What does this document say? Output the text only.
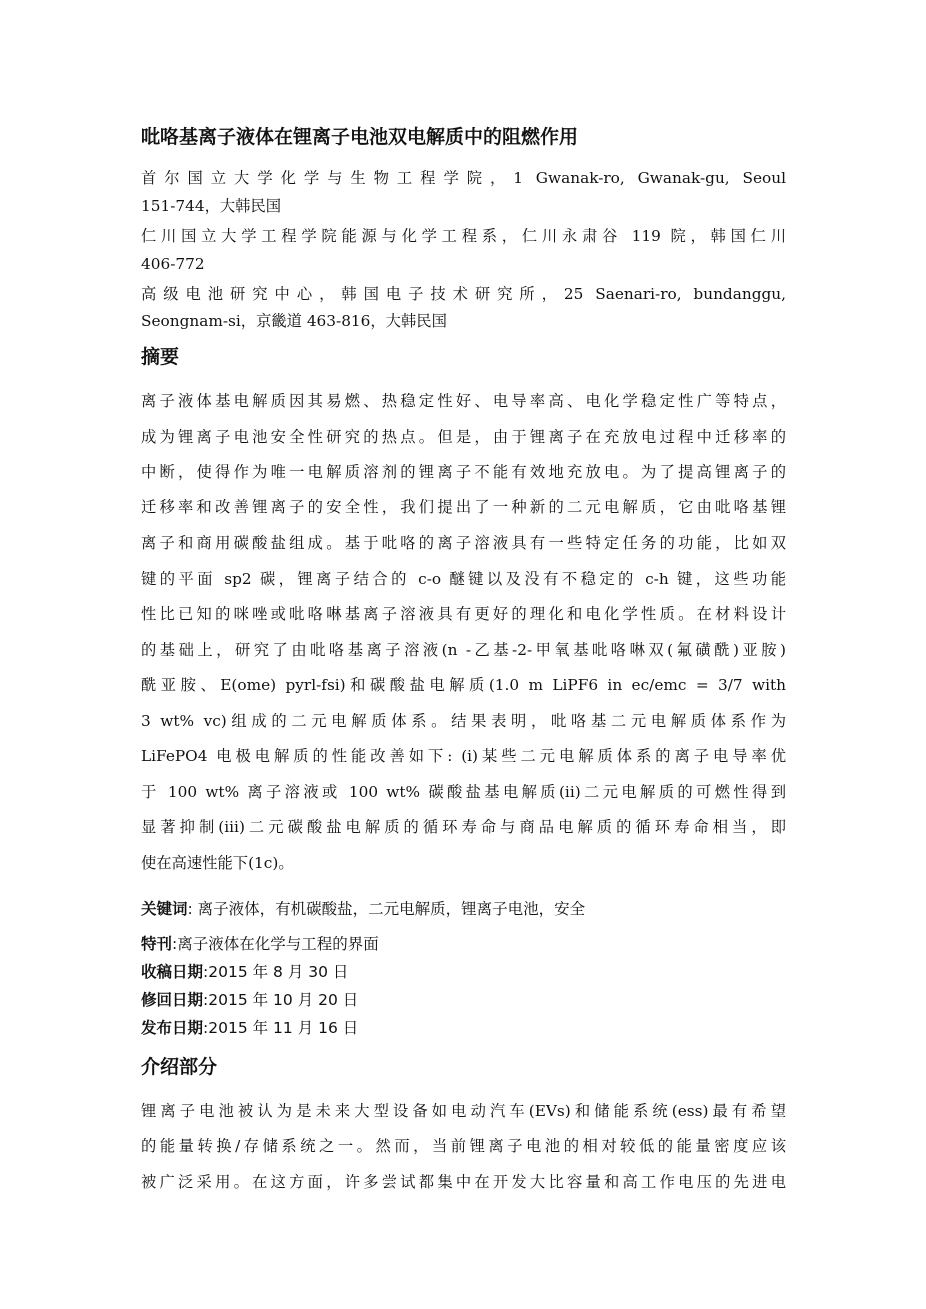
吡咯基离子液体在锂离子电池双电解质中的阻燃作用
首尔国立大学化学与生物工程学院，1 Gwanak-ro, Gwanak-gu, Seoul
151-744，大韩民国
仁川国立大学工程学院能源与化学工程系，仁川永肃谷 119 院，韩国仁川
406-772
高级电池研究中心，韩国电子技术研究所，25 Saenari-ro, bundanggu,
Seongnam-si，京畿道 463-816，大韩民国
摘要
离子液体基电解质因其易燃、热稳定性好、电导率高、电化学稳定性广等特点，
成为锂离子电池安全性研究的热点。但是，由于锂离子在充放电过程中迁移率的
中断，使得作为唯一电解质溶剂的锂离子不能有效地充放电。为了提高锂离子的
迁移率和改善锂离子的安全性，我们提出了一种新的二元电解质，它由吡咯基锂
离子和商用碳酸盐组成。基于吡咯的离子溶液具有一些特定任务的功能，比如双
键的平面 sp2 碳，锂离子结合的 c-o 醚键以及没有不稳定的 c-h 键，这些功能
性比已知的咪唑或吡咯啉基离子溶液具有更好的理化和电化学性质。在材料设计
的基础上，研究了由吡咯基离子溶液(n -乙基-2-甲氧基吡咯啉双(氟磺酰)亚胺)
酰亚胺、E(ome) pyrl-fsi)和碳酸盐电解质(1.0 m LiPF6 in ec/emc = 3/7 with
3 wt% vc)组成的二元电解质体系。结果表明，吡咯基二元电解质体系作为
LiFePO4 电极电解质的性能改善如下: (i)某些二元电解质体系的离子电导率优
于 100 wt% 离子溶液或 100 wt% 碳酸盐基电解质(ii)二元电解质的可燃性得到
显著抑制(iii)二元碳酸盐电解质的循环寿命与商品电解质的循环寿命相当，即
使在高速性能下(1c)。
关键词: 离子液体，有机碳酸盐，二元电解质，锂离子电池，安全
特刊:离子液体在化学与工程的界面
收稿日期:2015 年 8 月 30 日
修回日期:2015 年 10 月 20 日
发布日期:2015 年 11 月 16 日
介绍部分
锂离子电池被认为是未来大型设备如电动汽车(EVs)和储能系统(ess)最有希望
的能量转换/存储系统之一。然而，当前锂离子电池的相对较低的能量密度应该
被广泛采用。在这方面，许多尝试都集中在开发大比容量和高工作电压的先进电
